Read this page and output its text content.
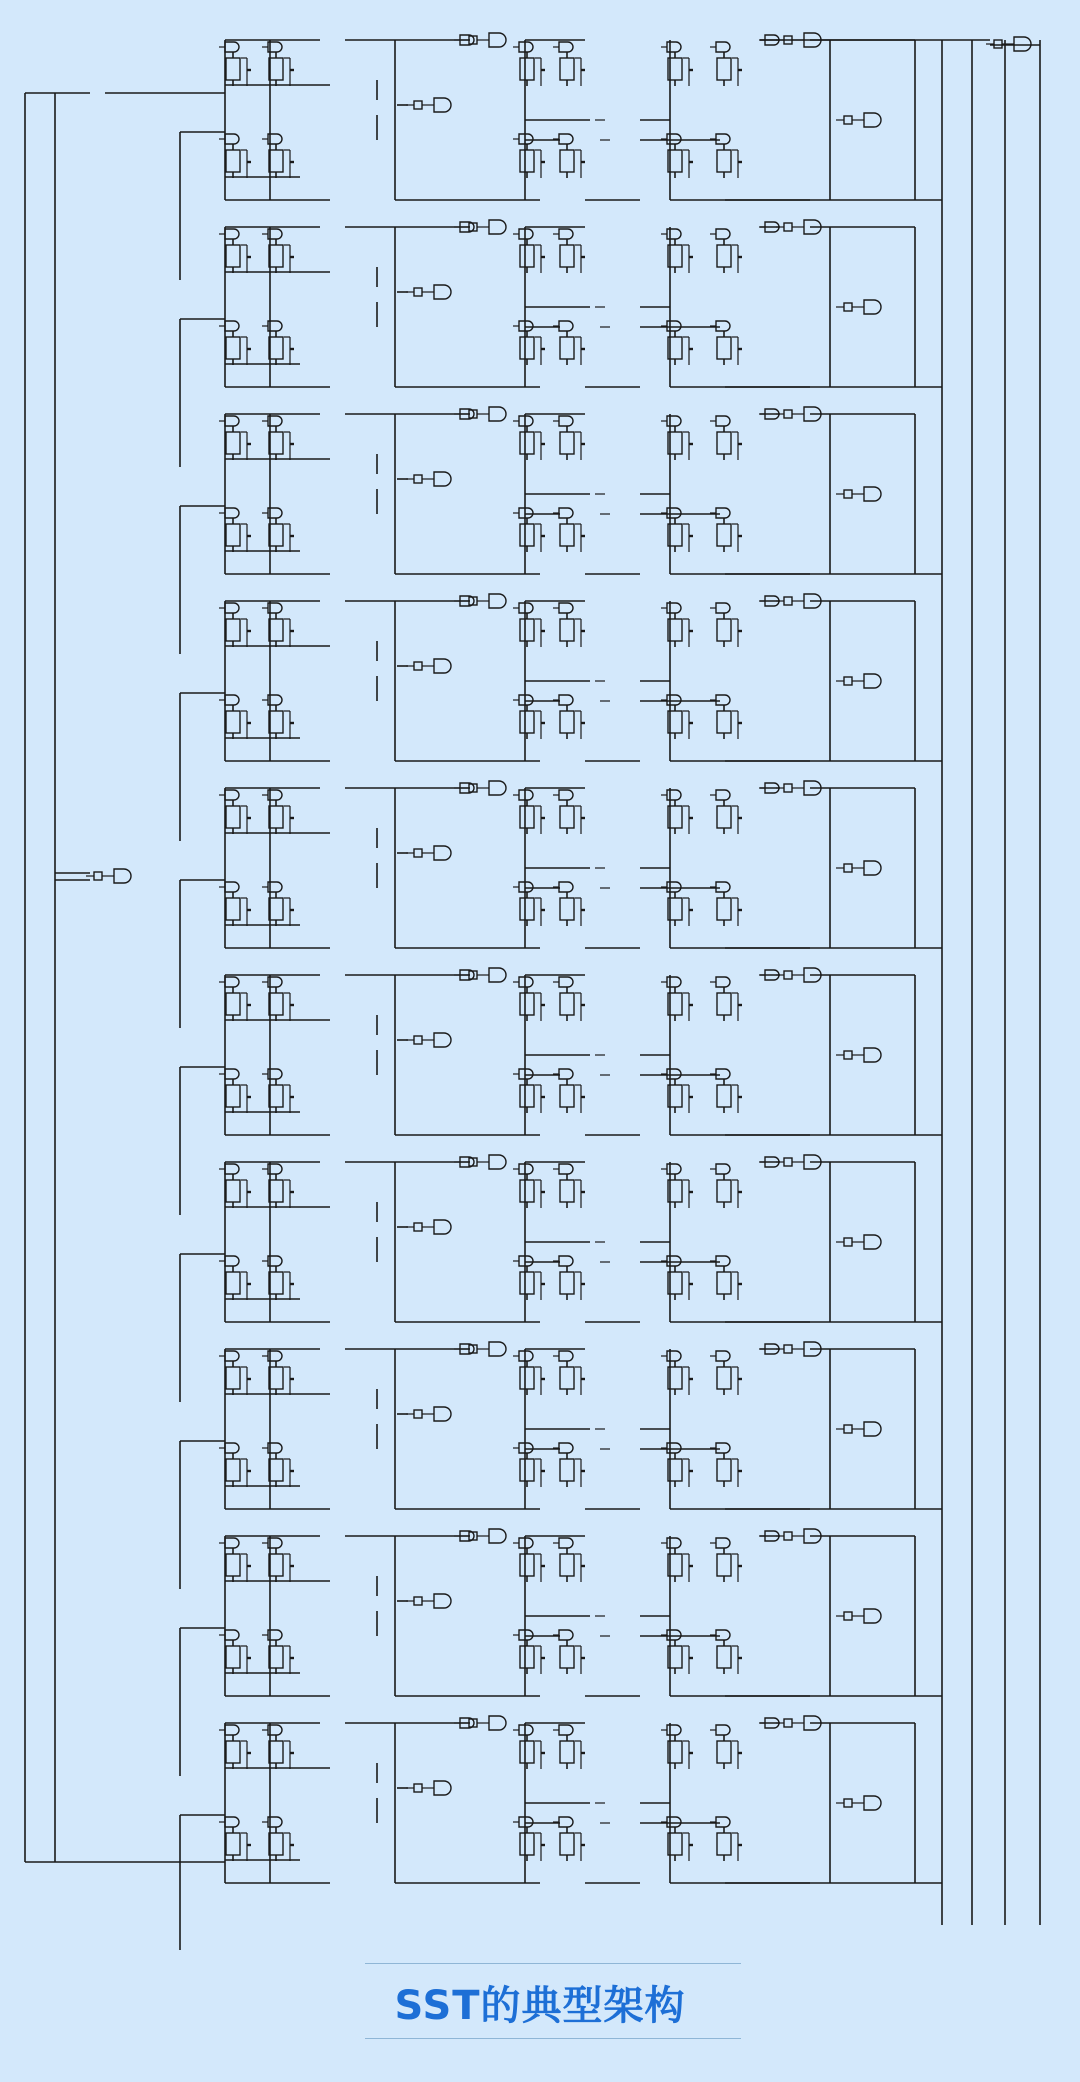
SST的典型架构
